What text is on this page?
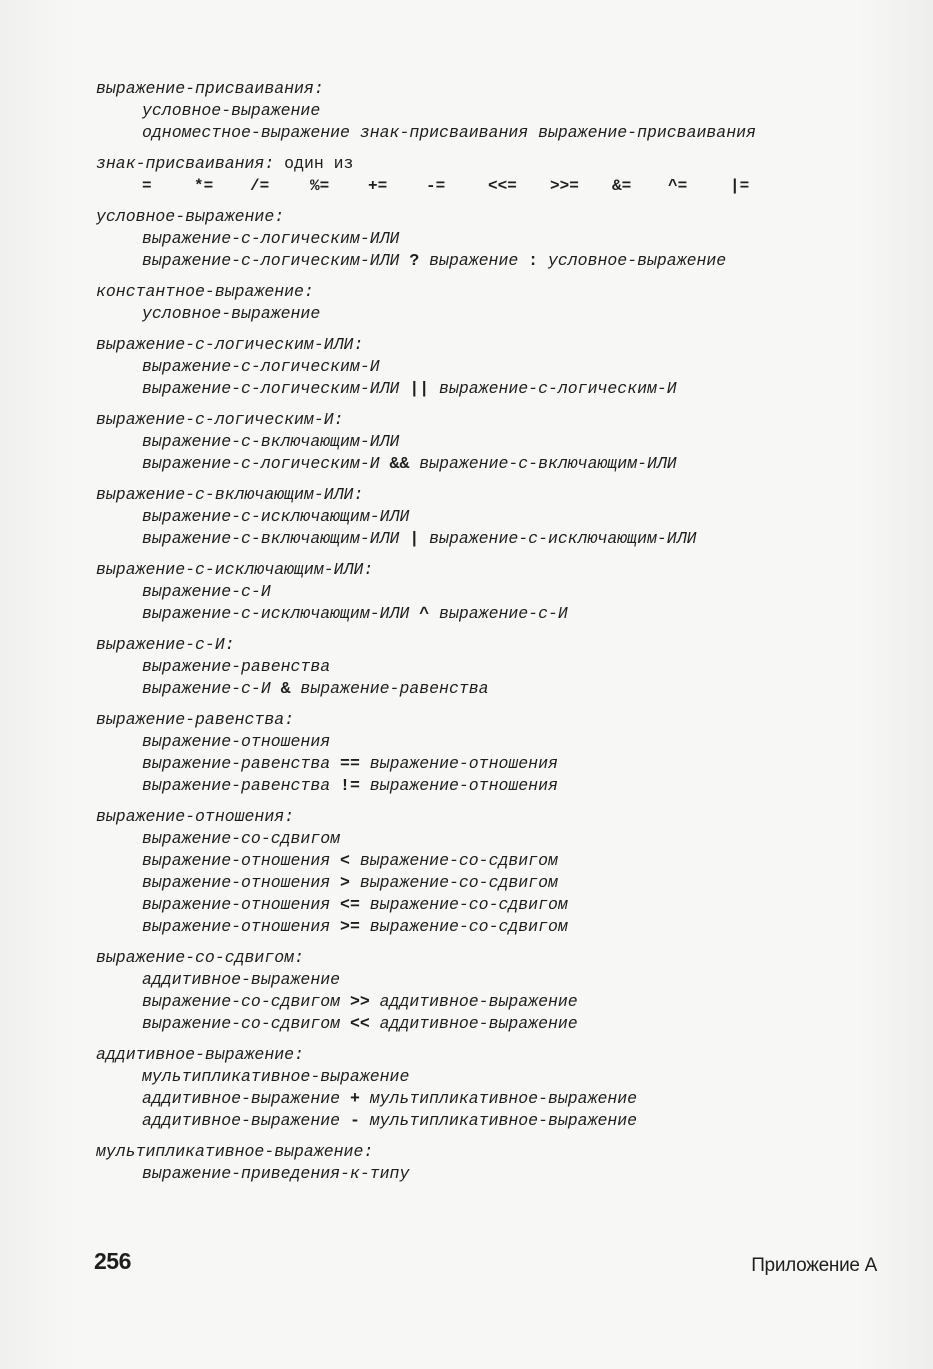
выражение-присваивания:
условное-выражение
одноместное-выражение знак-присваивания выражение-присваивания
знак-присваивания: один из
=	*= /=	%= += -=	<<= >>= &= ^=	|=
условное-выражение:
выражение-с-логическим-ИЛИ
выражение-с-логическим-ИЛИ ? выражение : условное-выражение
константное-выражение:
условное-выражение
выражение-с-логическим-ИЛИ:
выражение-с-логическим-И
выражение-с-логическим-ИЛИ || выражение-с-логическим-И
выражение-с-логическим-И:
выражение-с-включающим-ИЛИ
выражение-с-логическим-И && выражение-с-включающим-ИЛИ
выражение-с-включающим-ИЛИ:
выражение-с-исключающим-ИЛИ
выражение-с-включающим-ИЛИ | выражение-с-исключающим-ИЛИ
выражение-с-исключающим-ИЛИ:
выражение-с-И
выражение-с-исключающим-ИЛИ ^ выражение-с-И
выражение-с-И:
выражение-равенства
выражение-с-И & выражение-равенства
выражение-равенства:
выражение-отношения
выражение-равенства == выражение-отношения
выражение-равенства != выражение-отношения
выражение-отношения:
выражение-со-сдвигом
выражение-отношения < выражение-со-сдвигом
выражение-отношения > выражение-со-сдвигом
выражение-отношения <= выражение-со-сдвигом
выражение-отношения >= выражение-со-сдвигом
выражение-со-сдвигом:
аддитивное-выражение
выражение-со-сдвигом >> аддитивное-выражение
выражение-со-сдвигом << аддитивное-выражение
аддитивное-выражение:
мультипликативное-выражение
аддитивное-выражение + мультипликативное-выражение
аддитивное-выражение - мультипликативное-выражение
мультипликативное-выражение:
выражение-приведения-к-типу
256	Приложение А
